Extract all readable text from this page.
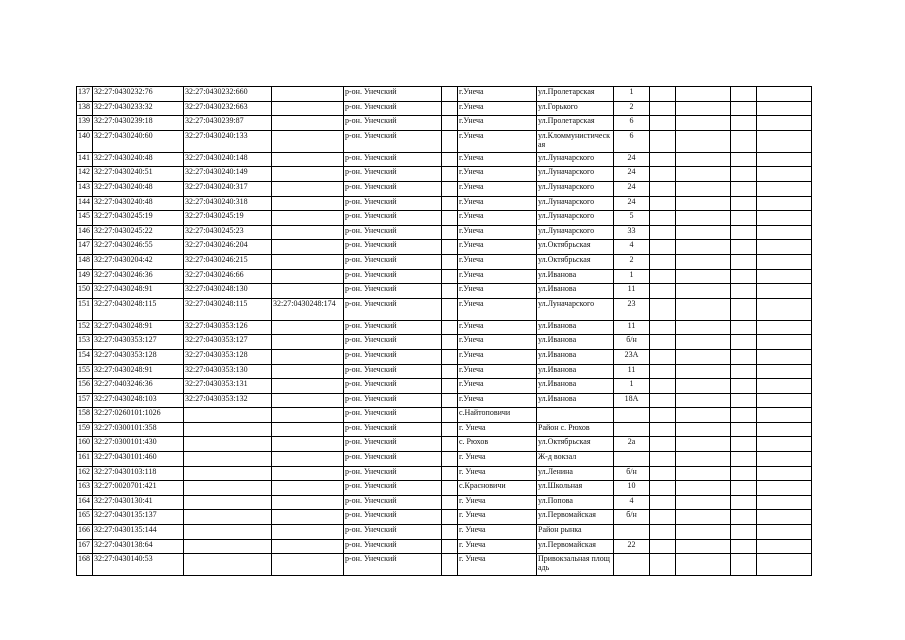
137	32:27:0430232:76	32:27:0430232:660		р-он. Унечский		г.Унеча	ул.Пролетарская	1				
138	32:27:0430233:32	32:27:0430232:663		р-он. Унечский		г.Унеча	ул.Горького	2				
139	32:27:0430239:18	32:27:0430239:87		р-он. Унечский		г.Унеча	ул.Пролетарская	6				
140	32:27:0430240:60	32:27:0430240:133		р-он. Унечский		г.Унеча	ул.Кломмунистическая	6				
141	32:27:0430240:48	32:27:0430240:148		р-он. Унечский		г.Унеча	ул.Луначарского	24				
142	32:27:0430240:51	32:27:0430240:149		р-он. Унечский		г.Унеча	ул.Луначарского	24				
143	32:27:0430240:48	32:27:0430240:317		р-он. Унечский		г.Унеча	ул.Луначарского	24				
144	32:27:0430240:48	32:27:0430240:318		р-он. Унечский		г.Унеча	ул.Луначарского	24				
145	32:27:0430245:19	32:27:0430245:19		р-он. Унечский		г.Унеча	ул.Луначарского	5				
146	32:27:0430245:22	32:27:0430245:23		р-он. Унечский		г.Унеча	ул.Луначарского	33				
147	32:27:0430246:55	32:27:0430246:204		р-он. Унечский		г.Унеча	ул.Октябрьская	4				
148	32:27:0430204:42	32:27:0430246:215		р-он. Унечский		г.Унеча	ул.Октябрьская	2				
149	32:27:0430246:36	32:27:0430246:66		р-он. Унечский		г.Унеча	ул.Иванова	1				
150	32:27:0430248:91	32:27:0430248:130		р-он. Унечский		г.Унеча	ул.Иванова	11				
151	32:27:0430248:115	32:27:0430248:115	32:27:0430248:174	р-он. Унечский		г.Унеча	ул.Луначарского	23				
152	32:27:0430248:91	32:27:0430353:126		р-он. Унечский		г.Унеча	ул.Иванова	11				
153	32:27:0430353:127	32:27:0430353:127		р-он. Унечский		г.Унеча	ул.Иванова	б/н				
154	32:27:0430353:128	32:27:0430353:128		р-он. Унечский		г.Унеча	ул.Иванова	23А				
155	32:27:0430248:91	32:27:0430353:130		р-он. Унечский		г.Унеча	ул.Иванова	11				
156	32:27:0403246:36	32:27:0430353:131		р-он. Унечский		г.Унеча	ул.Иванова	1				
157	32:27:0430248:103	32:27:0430353:132		р-он. Унечский		г.Унеча	ул.Иванова	18А				
158	32:27:0260101:1026			р-он. Унечский		с.Найтоповичи						
159	32:27:0300101:358			р-он. Унечский		г. Унеча	Район с. Рюхов					
160	32:27:0300101:430			р-он. Унечский		с. Рюхов	ул.Октябрьская	2а				
161	32:27:0430101:460			р-он. Унечский		г. Унеча	Ж-д вокзал					
162	32:27:0430103:118			р-он. Унечский		г. Унеча	ул.Ленина	б/н				
163	32:27:0020701:421			р-он. Унечский		с.Красновичи	ул.Школьная	10				
164	32:27:0430130:41			р-он. Унечский		г. Унеча	ул.Попова	4				
165	32:27:0430135:137			р-он. Унечский		г. Унеча	ул.Первомайская	б/н				
166	32:27:0430135:144			р-он. Унечский		г. Унеча	Район рынка					
167	32:27:0430138:64			р-он. Унечский		г. Унеча	ул.Первомайская	22				
168	32:27:0430140:53			р-он. Унечский		г. Унеча	Привокзальная площадь					
